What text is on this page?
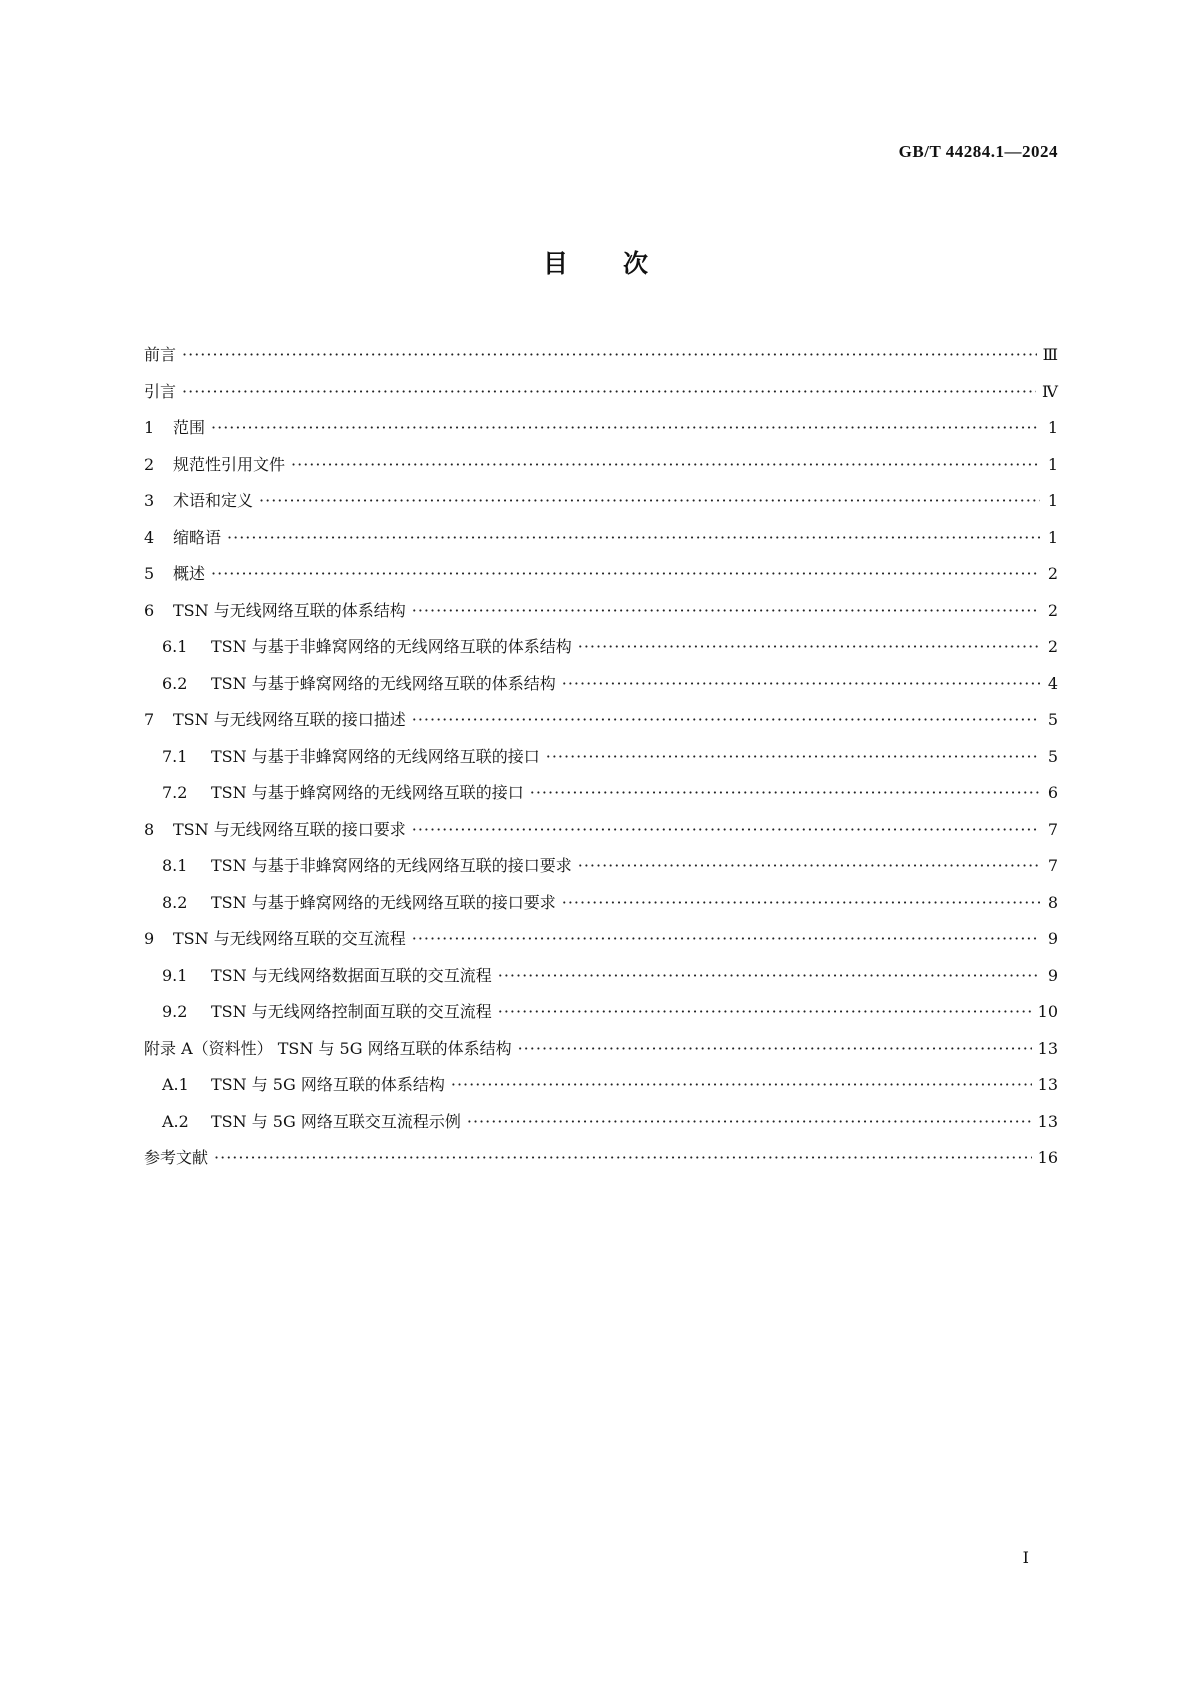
GB/T 44284.1—2024
目次
前言 ·····	Ⅲ
引言 ·····	Ⅳ
1	范围 ·····	1
2	规范性引用文件 ·····	1
3	术语和定义 ·····	1
4	缩略语 ·····	1
5	概述 ·····	2
6	TSN 与无线网络互联的体系结构 ·····	2
6.1	TSN 与基于非蜂窝网络的无线网络互联的体系结构 ·····	2
6.2	TSN 与基于蜂窝网络的无线网络互联的体系结构 ·····	4
7	TSN 与无线网络互联的接口描述 ·····	5
7.1	TSN 与基于非蜂窝网络的无线网络互联的接口 ·····	5
7.2	TSN 与基于蜂窝网络的无线网络互联的接口 ·····	6
8	TSN 与无线网络互联的接口要求 ·····	7
8.1	TSN 与基于非蜂窝网络的无线网络互联的接口要求 ·····	7
8.2	TSN 与基于蜂窝网络的无线网络互联的接口要求 ·····	8
9	TSN 与无线网络互联的交互流程 ·····	9
9.1	TSN 与无线网络数据面互联的交互流程 ·····	9
9.2	TSN 与无线网络控制面互联的交互流程 ·····	10
附录 A（资料性） TSN 与 5G 网络互联的体系结构 ·····	13
A.1	TSN 与 5G 网络互联的体系结构 ·····	13
A.2	TSN 与 5G 网络互联交互流程示例 ·····	13
参考文献 ·····	16
I
